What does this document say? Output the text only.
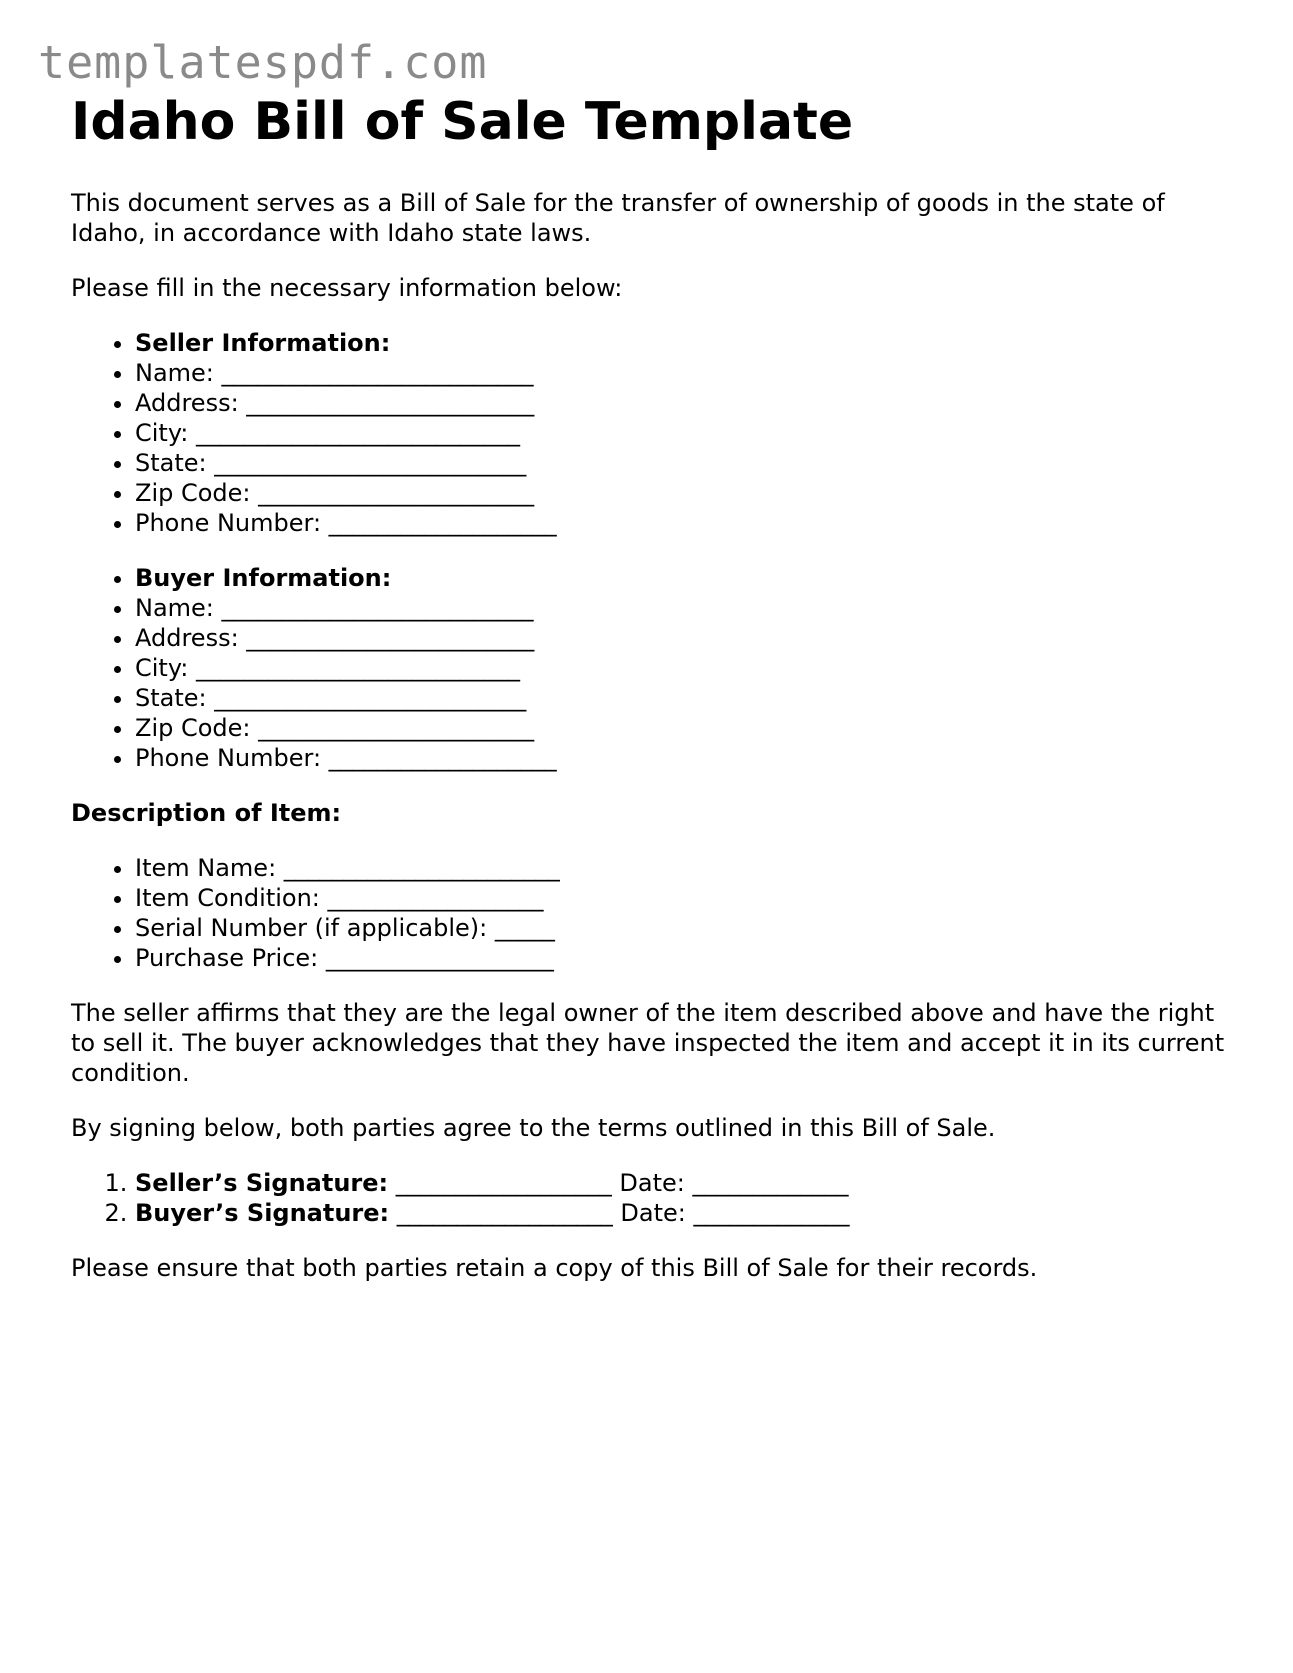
templatespdf.com
Idaho Bill of Sale Template

This document serves as a Bill of Sale for the transfer of ownership of goods in the state of Idaho, in accordance with Idaho state laws.

Please fill in the necessary information below:

• Seller Information:
• Name: __________________________
• Address: ________________________
• City: ___________________________
• State: __________________________
• Zip Code: _______________________
• Phone Number: ___________________
• Buyer Information:
• Name: __________________________
• Address: ________________________
• City: ___________________________
• State: __________________________
• Zip Code: _______________________
• Phone Number: ___________________
Description of Item:
• Item Name: _______________________
• Item Condition: __________________
• Serial Number (if applicable): _____
• Purchase Price: ___________________

The seller affirms that they are the legal owner of the item described above and have the right to sell it. The buyer acknowledges that they have inspected the item and accept it in its current condition.

By signing below, both parties agree to the terms outlined in this Bill of Sale.

1. Seller’s Signature: __________________ Date: _____________
2. Buyer’s Signature: __________________ Date: _____________

Please ensure that both parties retain a copy of this Bill of Sale for their records.
